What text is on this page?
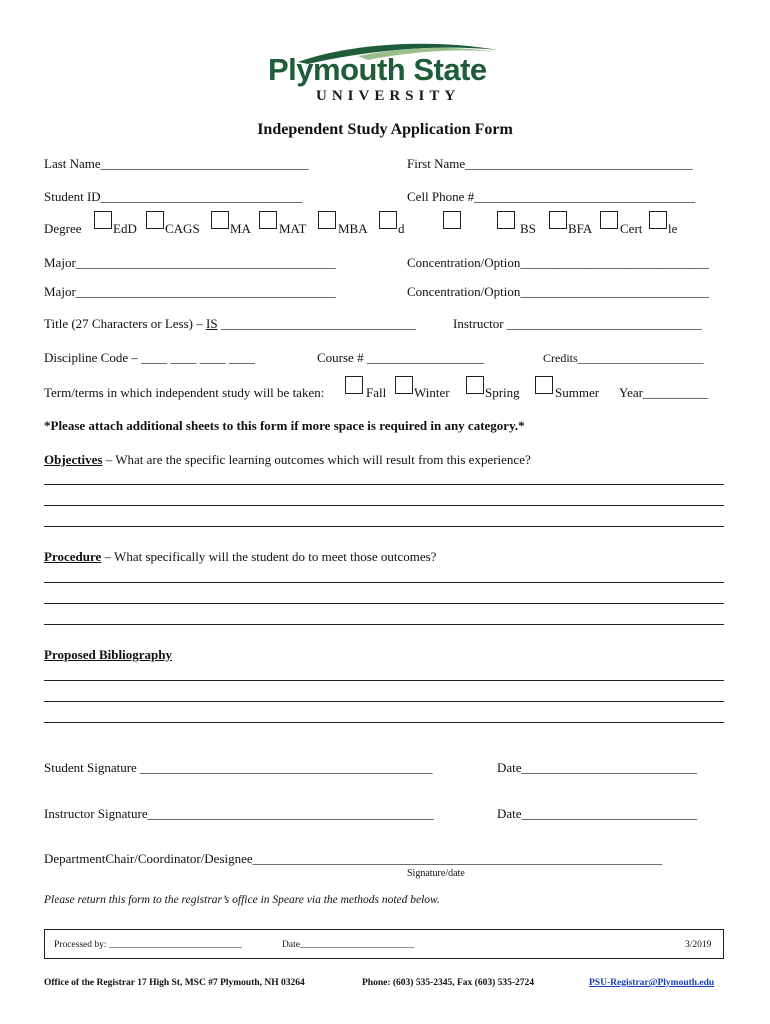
Plymouth State
UNIVERSITY
Independent Study Application Form
Last Name________________________________	First Name___________________________________
Student ID_______________________________	Cell Phone #__________________________________
Degree EdD CAGS MA MAT MBA d	BS BFA Cert le
Major________________________________________	Concentration/Option_____________________________
Major________________________________________	Concentration/Option_____________________________
Title (27 Characters or Less) – IS ______________________________	Instructor ______________________________
Discipline Code – ____ ____ ____ ____	Course # __________________	Credits_____________________
Term/terms in which independent study will be taken:	Fall Winter	Spring	Summer Year__________
*Please attach additional sheets to this form if more space is required in any category.*
Objectives – What are the specific learning outcomes which will result from this experience?
Procedure – What specifically will the student do to meet those outcomes?
Proposed Bibliography
Student Signature _____________________________________________	Date___________________________
Instructor Signature____________________________________________	Date___________________________
DepartmentChair/Coordinator/Designee_______________________________________________________________
Signature/date
Please return this form to the registrar’s office in Speare via the methods noted below.
Processed by: ____________________________	Date________________________	3/2019
Office of the Registrar 17 High St, MSC #7 Plymouth, NH 03264	Phone: (603) 535-2345, Fax (603) 535-2724	PSU-Registrar@Plymouth.edu
